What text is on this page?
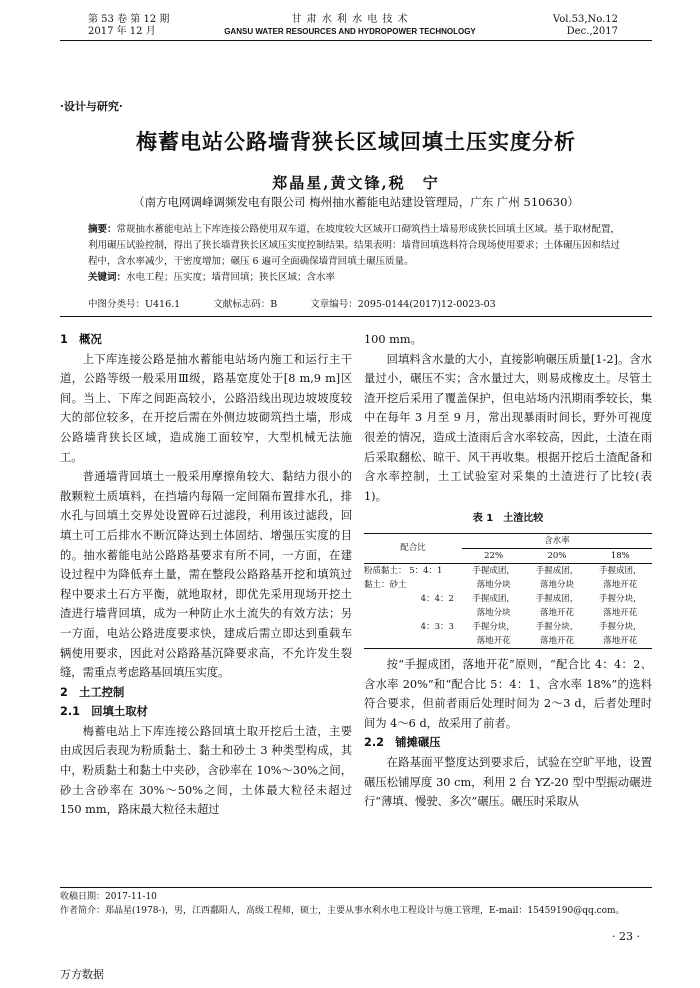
第 53 卷 第 12 期
2017 年 12 月
甘 肃 水 利 水 电 技 术
GANSU WATER RESOURCES AND HYDROPOWER TECHNOLOGY
Vol.53,No.12
Dec.,2017
·设计与研究·
梅蓄电站公路墙背狭长区域回填土压实度分析
郑晶星,黄文锋,税　宁
（南方电网调峰调频发电有限公司 梅州抽水蓄能电站建设管理局，广东 广州 510630）
摘要：常规抽水蓄能电站上下库连接公路使用双车道，在坡度较大区域开口砌筑挡土墙易形成狭长回填土区域。基于取材配置，利用碾压试验控制，得出了狭长墙背狭长区域压实度控制结果。结果表明：墙背回填选料符合现场使用要求；土体碾压因和结过程中，含水率减少，干密度增加；碾压 6 遍可全面确保墙背回填土碾压质量。
关键词：水电工程；压实度；墙背回填；狭长区域；含水率
中图分类号：U416.1	文献标志码：B	文章编号：2095-0144(2017)12-0023-03
1　概况

上下库连接公路是抽水蓄能电站场内施工和运行主干道，公路等级一般采用Ⅲ级，路基宽度处于[8 m,9 m]区间。当上、下库之间距高较小，公路沿线出现边坡坡度较大的部位较多，在开挖后需在外侧边坡砌筑挡土墙，形成公路墙背狭长区域，造成施工面较窄，大型机械无法施工。

普通墙背回填土一般采用摩擦角较大、黏结力很小的散颗粒土质填料，在挡墙内每隔一定间隔布置排水孔，排水孔与回填土交界处设置碎石过滤段，利用该过滤段，回填土可工后排水不断沉降达到土体固结、增强压实度的目的。抽水蓄能电站公路路基要求有所不同，一方面，在建设过程中为降低弃土量，需在整段公路路基开挖和填筑过程中要求土石方平衡，就地取材，即优先采用现场开挖土渣进行墙背回填，成为一种防止水土流失的有效方法；另一方面，电站公路进度要求快，建成后需立即达到重载车辆使用要求，因此对公路路基沉降要求高，不允许发生裂缝，需重点考虑路基回填压实度。

2　土工控制
2.1　回填土取材

梅蓄电站上下库连接公路回填土取开挖后土渣，主要由成因后表现为粉质黏土、黏土和砂土 3 种类型构成，其中，粉质黏土和黏土中夹砂，含砂率在 10%～30%之间，砂土含砂率在 30%～50%之间，土体最大粒径未超过 150 mm，路床最大粒径未超过

100 mm。

回填料含水量的大小，直接影响碾压质量[1-2]。含水量过小，碾压不实；含水量过大，则易成橡皮土。尽管土渣开挖后采用了覆盖保护，但电站场内汛期雨季较长，集中在每年 3 月至 9 月，常出现暴雨时间长，野外可视度很差的情况，造成土渣雨后含水率较高，因此，土渣在雨后采取翻松、晾干、风干再收集。根据开挖后土渣配备和含水率控制，土工试验室对采集的土渣进行了比较(表 1)。

表 1　土渣比较
配合比	含水率		
	22%	20%	18%
粉质黏土： 5：4：1	手握成团，	手握成团，	手握成团，
黏土：砂土	落地分块	落地分块	落地开花
4：4：2	手握成团，	手握成团，	手握分块，
	落地分块	落地开花	落地开花
4：3：3	手握分块，	手握分块，	手握分块，
	落地开花	落地开花	落地开花

按“手握成团，落地开花”原则，“配合比 4：4：2、含水率 20%”和“配合比 5：4：1、含水率 18%”的选料符合要求，但前者雨后处理时间为 2～3 d，后者处理时间为 4～6 d，故采用了前者。

2.2　铺摊碾压

在路基面平整度达到要求后，试验在空旷平地，设置碾压松铺厚度 30 cm，利用 2 台 YZ-20 型中型振动碾进行“薄填、慢驶、多次”碾压。碾压时采取从

收稿日期：2017-11-10
作者简介：郑晶星(1978-)，男，江西鄱阳人，高级工程师，硕士，主要从事水利水电工程设计与施工管理，E-mail：15459190@qq.com。
· 23 ·
万方数据
